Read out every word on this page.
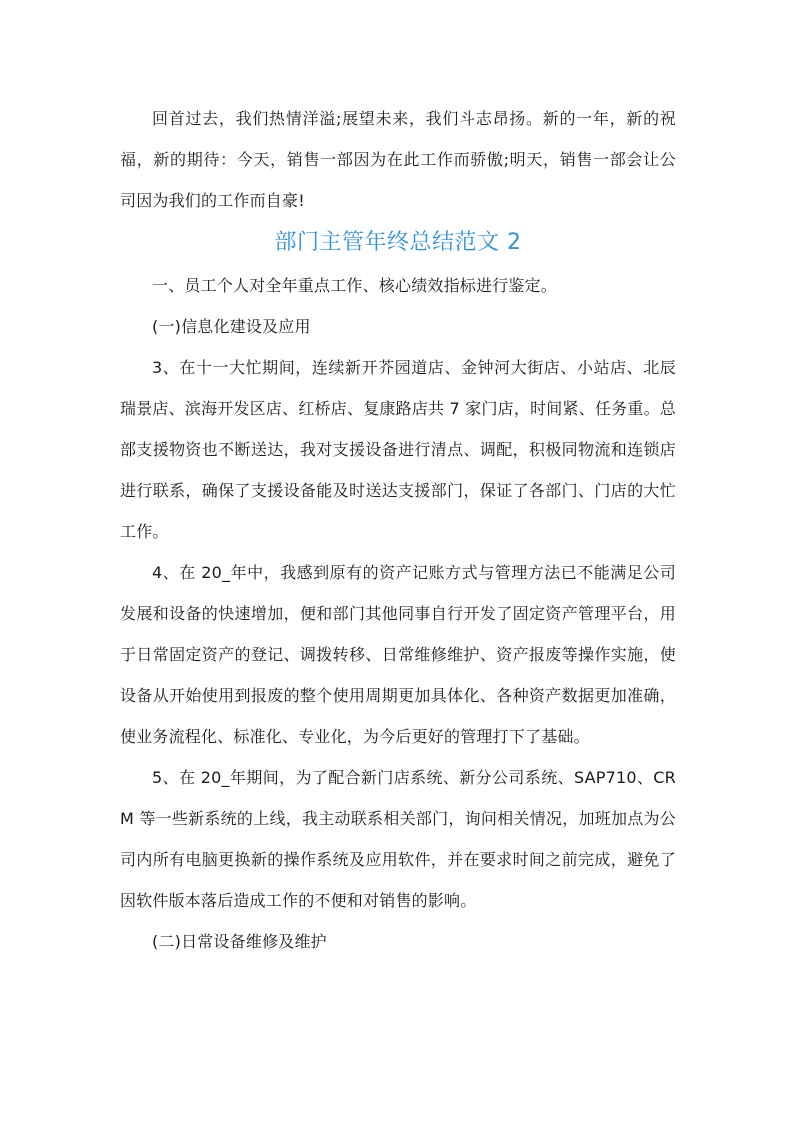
回首过去，我们热情洋溢;展望未来，我们斗志昂扬。新的一年，新的祝福，新的期待：今天，销售一部因为在此工作而骄傲;明天，销售一部会让公司因为我们的工作而自豪!

部门主管年终总结范文 2

一、员工个人对全年重点工作、核心绩效指标进行鉴定。

(一)信息化建设及应用

3、在十一大忙期间，连续新开芥园道店、金钟河大街店、小站店、北辰瑞景店、滨海开发区店、红桥店、复康路店共 7 家门店，时间紧、任务重。总部支援物资也不断送达，我对支援设备进行清点、调配，积极同物流和连锁店进行联系，确保了支援设备能及时送达支援部门，保证了各部门、门店的大忙工作。

4、在 20_年中，我感到原有的资产记账方式与管理方法已不能满足公司发展和设备的快速增加，便和部门其他同事自行开发了固定资产管理平台，用于日常固定资产的登记、调拨转移、日常维修维护、资产报废等操作实施，使设备从开始使用到报废的整个使用周期更加具体化、各种资产数据更加准确，使业务流程化、标准化、专业化，为今后更好的管理打下了基础。

5、在 20_年期间，为了配合新门店系统、新分公司系统、SAP710、CRM 等一些新系统的上线，我主动联系相关部门，询问相关情况，加班加点为公司内所有电脑更换新的操作系统及应用软件，并在要求时间之前完成，避免了因软件版本落后造成工作的不便和对销售的影响。

(二)日常设备维修及维护
